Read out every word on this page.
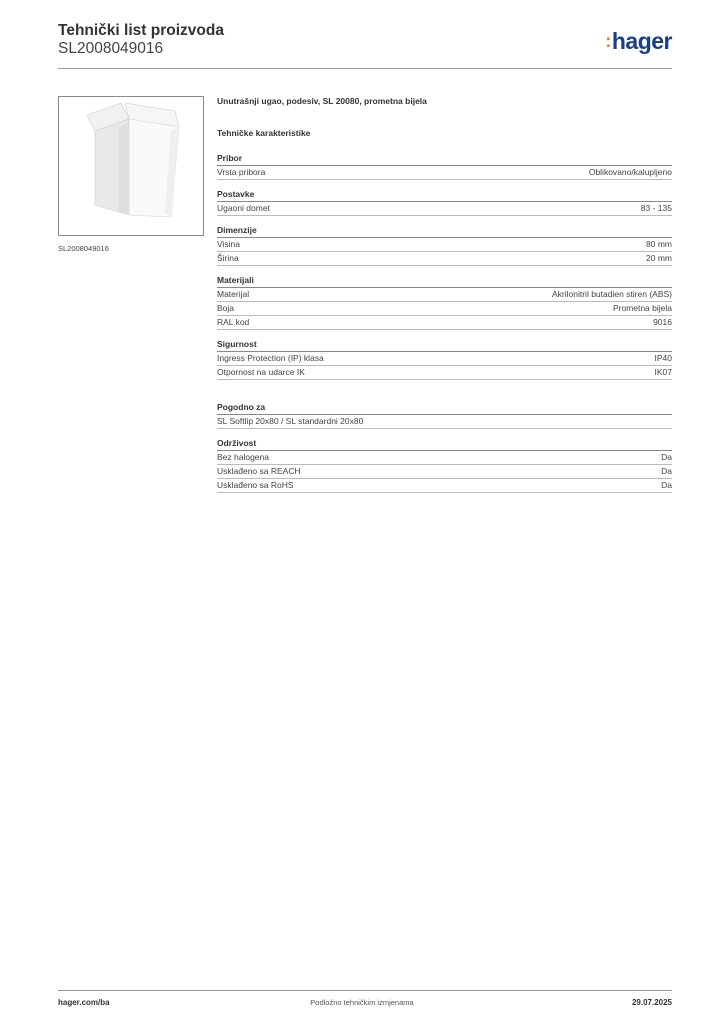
Tehnički list proizvoda

SL2008049016	:hager
SL2008049016

Unutrašnji ugao, podesiv, SL 20080, prometna bijela

Tehničke karakteristike

Pribor
Vrsta pribora	Oblikovano/kalupljeno
Postavke
Ugaoni domet	83 - 135
Dimenzije
Visina	80 mm
Širina	20 mm
Materijali
Materijal	Akrilonitril butadien stiren (ABS)
Boja	Prometna bijela
RAL kod	9016
Sigurnost
Ingress Protection (IP) klasa	IP40
Otpornost na udarce IK	IK07
Pogodno za
SL Softlip 20x80 / SL standardni 20x80
Održivost
Bez halogena	Da
Usklađeno sa REACH	Da
Usklađeno sa RoHS	Da
Podložno tehničkim izmjenama
hager.com/ba	29.07.2025
